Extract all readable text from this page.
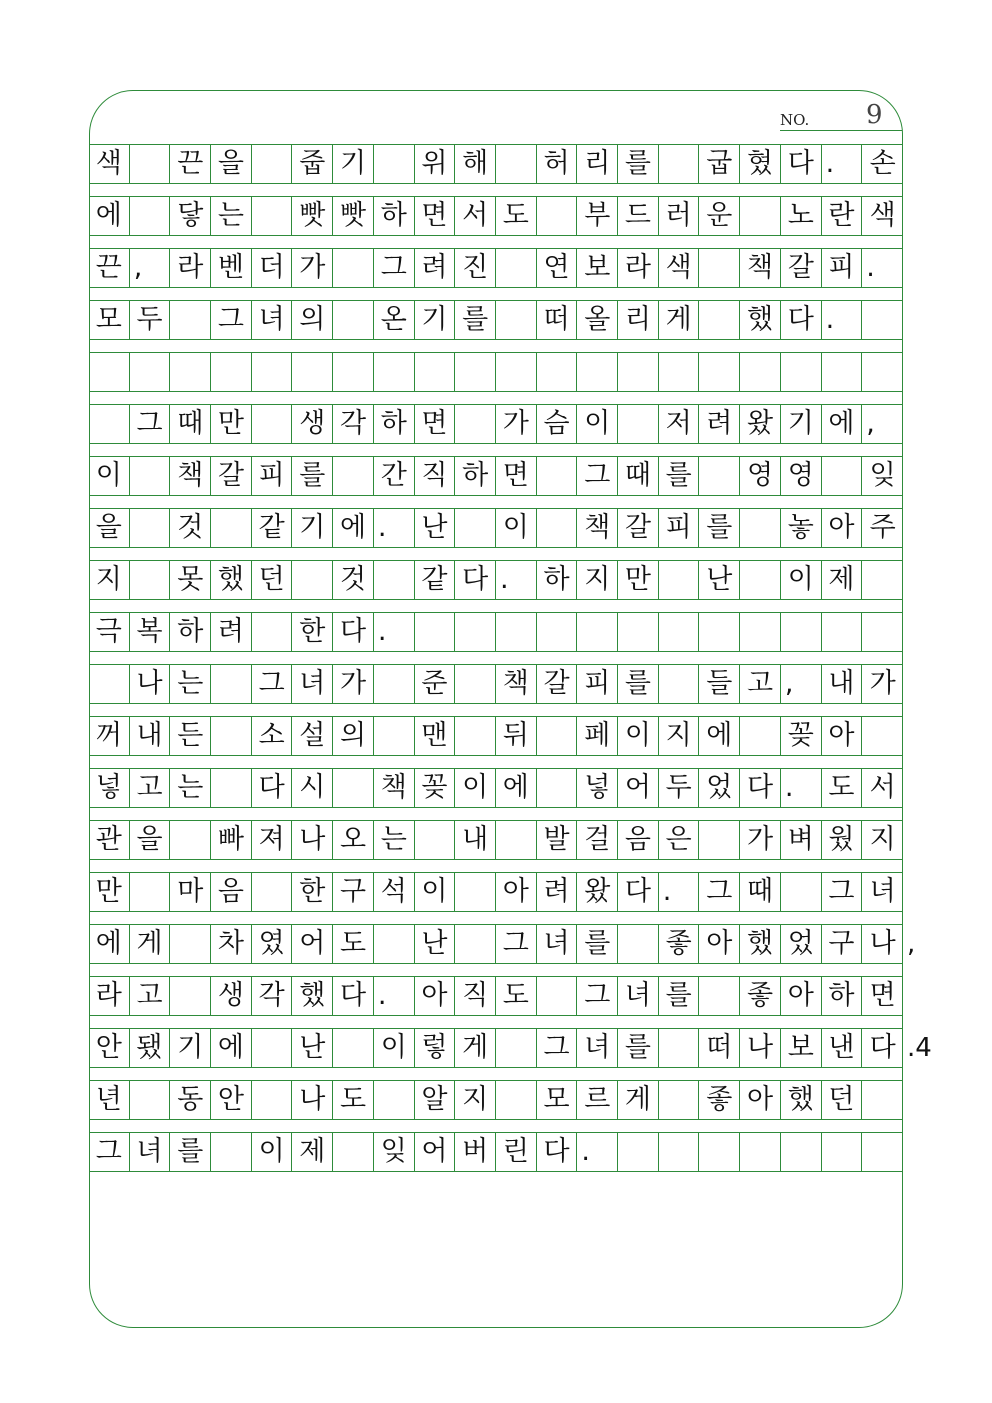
NO. 9
색 끈 을 줍 기 위 해 허 리 를 굽 혔 다 .	손
에 닿 는 빳 빳 하 면 서 도 부 드 러 운 노 란 색
끈 ,	라 벤 더 가 그 려 진 연 보 라 색 책 갈 피 .
모 두 그 녀 의 온 기 를 떠 올 리 게 했 다 .
그 때 만 생 각 하 면 가 슴 이 저 려 왔 기 에 ,
이 책 갈 피 를 간 직 하 면 그 때 를 영 영 잊
을 것 같 기 에 .	난 이 책 갈 피 를 놓 아 주
지 못 했 던 것 같 다 .	하 지 만 난 이 제
극 복 하 려 한 다 .
나 는 그 녀 가 준 책 갈 피 를 들 고 ,	내 가
꺼 내 든 소 설 의 맨 뒤 페 이 지 에 꽂 아
넣 고 는 다 시 책 꽂 이 에 넣 어 두 었 다 .	도 서
관 을 빠 져 나 오 는 내 발 걸 음 은 가 벼 웠 지
만 마 음 한 구 석 이 아 려 왔 다 .	그 때 그 녀
에 게 차 였 어 도 난 그 녀 를 좋 아 했 었 구 나 ,
라 고 생 각 했 다 .	아 직 도 그 녀 를 좋 아 하 면
안 됐 기 에 난 이 렇 게 그 녀 를 떠 나 보 낸 다 .4
년 동 안 나 도 알 지 모 르 게 좋 아 했 던
그 녀 를 이 제 잊 어 버 린 다 .
